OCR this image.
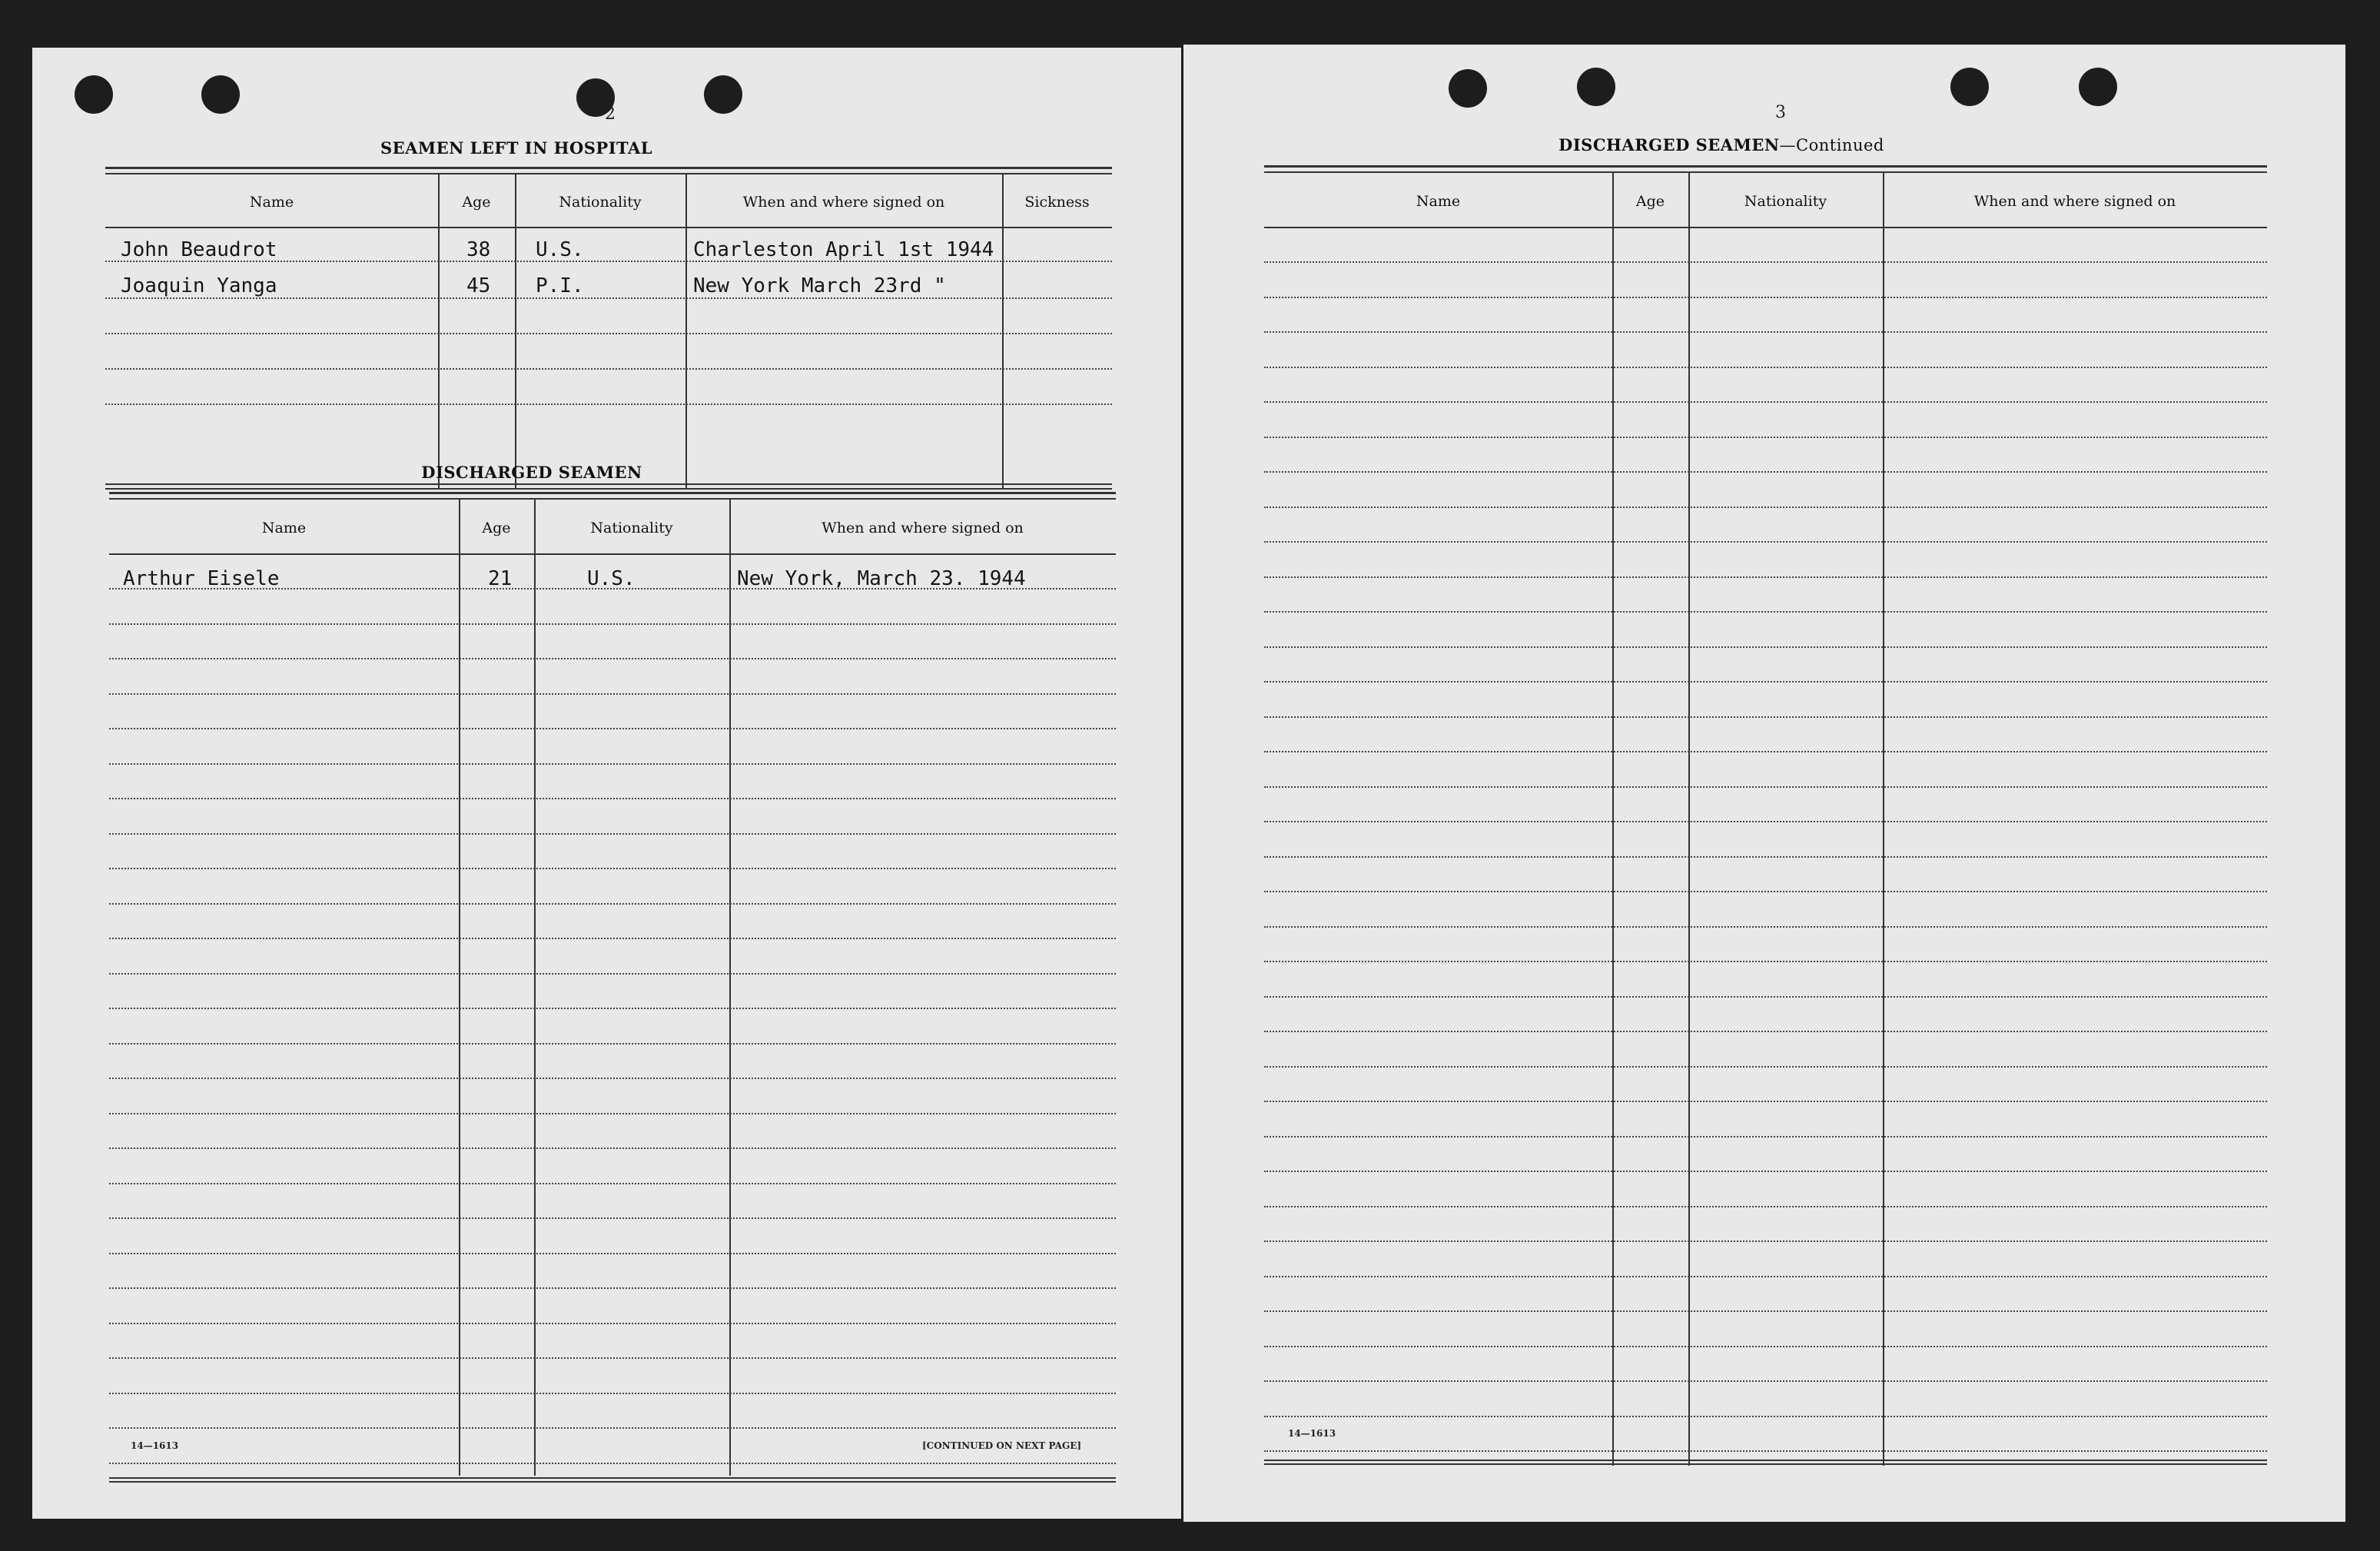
2
SEAMEN LEFT IN HOSPITAL
Name	Age	Nationality	When and where signed on	Sickness
John Beaudrot	38 U.S.	Charleston April 1st 1944
Joaquin Yanga	45 P.I.	New York March 23rd "
DISCHARGED SEAMEN
Name	Age	Nationality	When and where signed on
Arthur Eisele	21	U.S.	New York, March 23. 1944
14—1613	[CONTINUED ON NEXT PAGE]
3
DISCHARGED SEAMEN—Continued
Name	Age	Nationality	When and where signed on
14—1613
